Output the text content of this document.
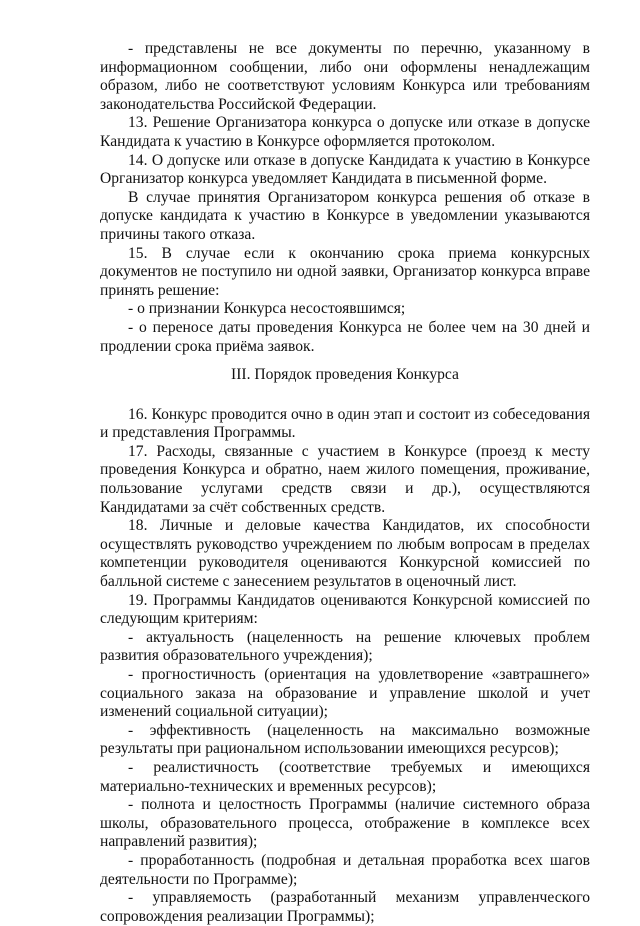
- представлены не все документы по перечню, указанному в информационном сообщении, либо они оформлены ненадлежащим образом, либо не соответствуют условиям Конкурса или требованиям законодательства Российской Федерации.

13. Решение Организатора конкурса о допуске или отказе в допуске Кандидата к участию в Конкурсе оформляется протоколом.

14. О допуске или отказе в допуске Кандидата к участию в Конкурсе Организатор конкурса уведомляет Кандидата в письменной форме.

В случае принятия Организатором конкурса решения об отказе в допуске кандидата к участию в Конкурсе в уведомлении указываются причины такого отказа.

15. В случае если к окончанию срока приема конкурсных документов не поступило ни одной заявки, Организатор конкурса вправе принять решение:

- о признании Конкурса несостоявшимся;

- о переносе даты проведения Конкурса не более чем на 30 дней и продлении срока приёма заявок.

III. Порядок проведения Конкурса

16. Конкурс проводится очно в один этап и состоит из собеседования и представления Программы.

17. Расходы, связанные с участием в Конкурсе (проезд к месту проведения Конкурса и обратно, наем жилого помещения, проживание, пользование услугами средств связи и др.), осуществляются Кандидатами за счёт собственных средств.

18. Личные и деловые качества Кандидатов, их способности осуществлять руководство учреждением по любым вопросам в пределах компетенции руководителя оцениваются Конкурсной комиссией по балльной системе с занесением результатов в оценочный лист.

19. Программы Кандидатов оцениваются Конкурсной комиссией по следующим критериям:

- актуальность (нацеленность на решение ключевых проблем развития образовательного учреждения);

- прогностичность (ориентация на удовлетворение «завтрашнего» социального заказа на образование и управление школой и учет изменений социальной ситуации);

- эффективность (нацеленность на максимально возможные результаты при рациональном использовании имеющихся ресурсов);

- реалистичность (соответствие требуемых и имеющихся материально-технических и временных ресурсов);

- полнота и целостность Программы (наличие системного образа школы, образовательного процесса, отображение в комплексе всех направлений развития);

- проработанность (подробная и детальная проработка всех шагов деятельности по Программе);

- управляемость (разработанный механизм управленческого сопровождения реализации Программы);
